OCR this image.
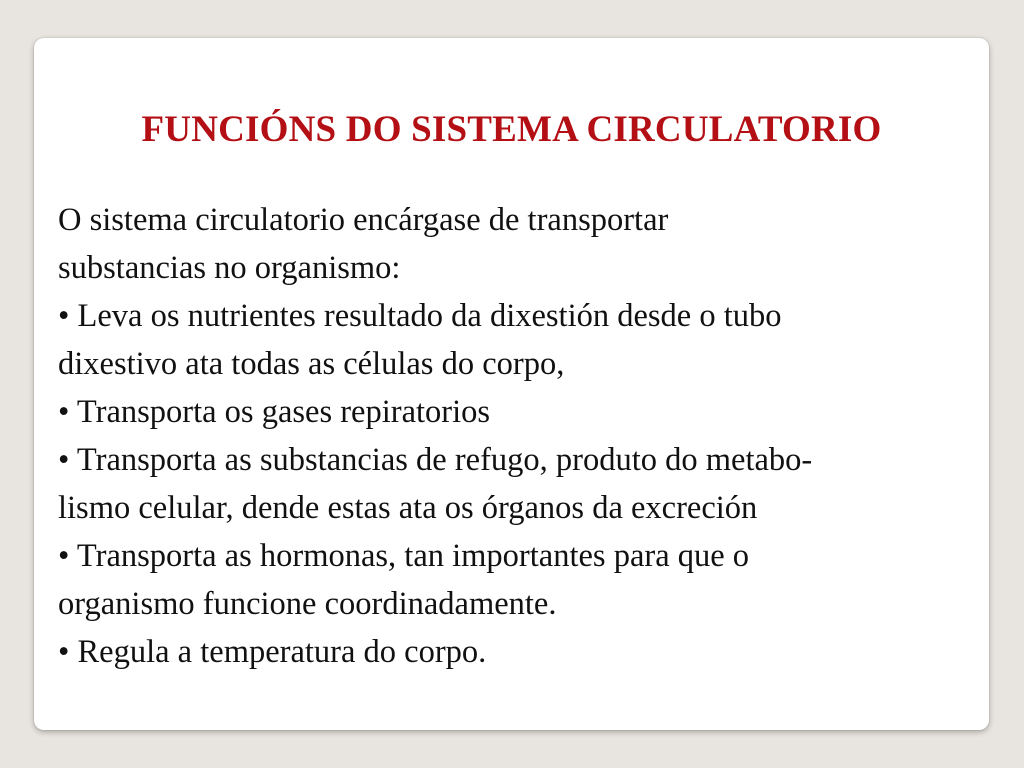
FUNCIÓNS DO SISTEMA CIRCULATORIO
O sistema circulatorio encárgase de transportar
substancias no organismo:
• Leva os nutrientes resultado da dixestión desde o tubo
dixestivo ata todas as células do corpo,
• Transporta os gases repiratorios
• Transporta as substancias de refugo, produto do metabo-
lismo celular, dende estas ata os órganos da excreción
• Transporta as hormonas, tan importantes para que o
organismo funcione coordinadamente.
• Regula a temperatura do corpo.
